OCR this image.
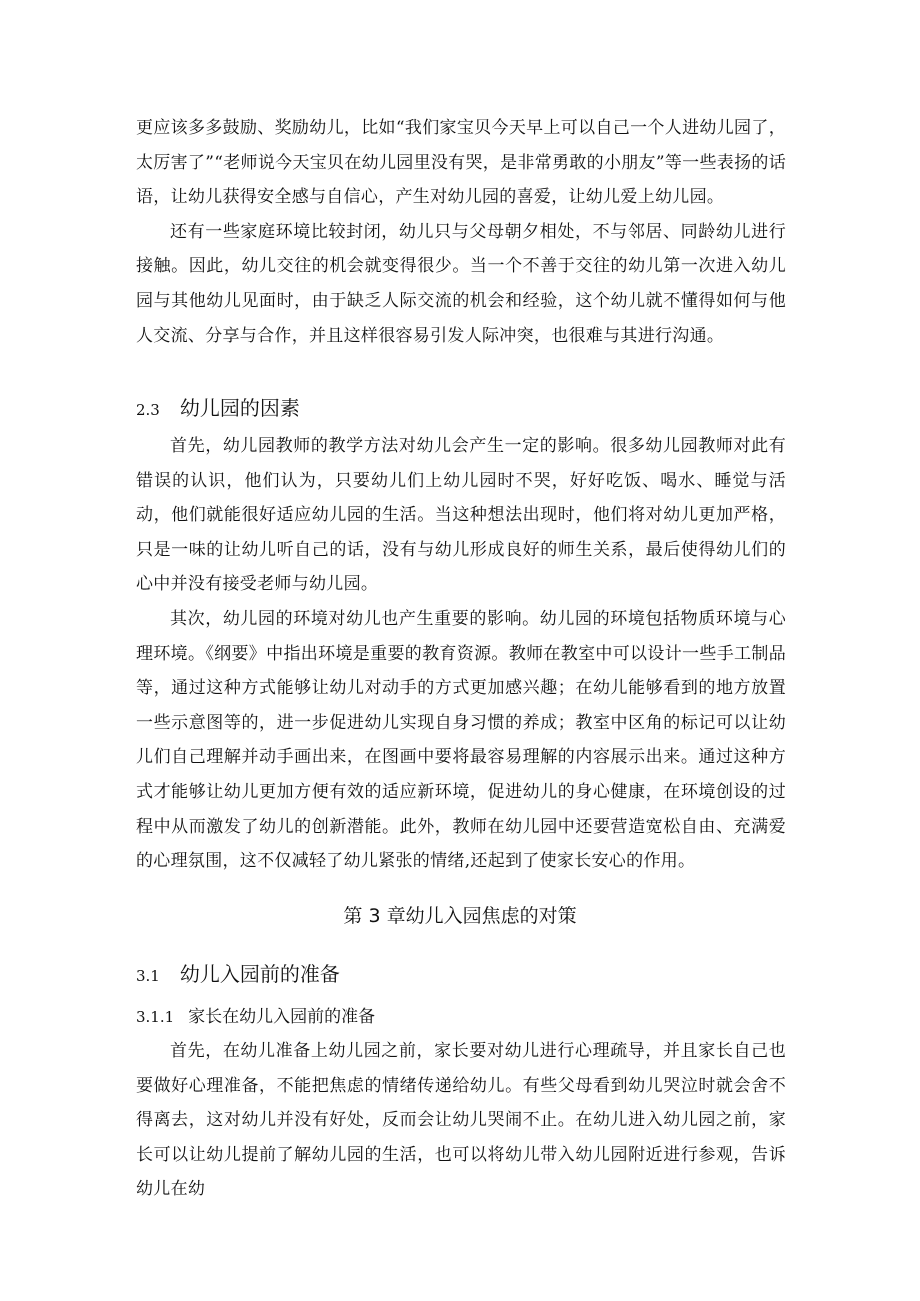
更应该多多鼓励、奖励幼儿，比如“我们家宝贝今天早上可以自己一个人进幼儿园了，太厉害了”“老师说今天宝贝在幼儿园里没有哭，是非常勇敢的小朋友”等一些表扬的话语，让幼儿获得安全感与自信心，产生对幼儿园的喜爱，让幼儿爱上幼儿园。

还有一些家庭环境比较封闭，幼儿只与父母朝夕相处，不与邻居、同龄幼儿进行接触。因此，幼儿交往的机会就变得很少。当一个不善于交往的幼儿第一次进入幼儿园与其他幼儿见面时，由于缺乏人际交流的机会和经验，这个幼儿就不懂得如何与他人交流、分享与合作，并且这样很容易引发人际冲突，也很难与其进行沟通。

2.3 幼儿园的因素

首先，幼儿园教师的教学方法对幼儿会产生一定的影响。很多幼儿园教师对此有错误的认识，他们认为，只要幼儿们上幼儿园时不哭，好好吃饭、喝水、睡觉与活动，他们就能很好适应幼儿园的生活。当这种想法出现时，他们将对幼儿更加严格，只是一味的让幼儿听自己的话，没有与幼儿形成良好的师生关系，最后使得幼儿们的心中并没有接受老师与幼儿园。

其次，幼儿园的环境对幼儿也产生重要的影响。幼儿园的环境包括物质环境与心理环境。《纲要》中指出环境是重要的教育资源。教师在教室中可以设计一些手工制品等，通过这种方式能够让幼儿对动手的方式更加感兴趣；在幼儿能够看到的地方放置一些示意图等的，进一步促进幼儿实现自身习惯的养成；教室中区角的标记可以让幼儿们自己理解并动手画出来，在图画中要将最容易理解的内容展示出来。通过这种方式才能够让幼儿更加方便有效的适应新环境，促进幼儿的身心健康，在环境创设的过程中从而激发了幼儿的创新潜能。此外，教师在幼儿园中还要营造宽松自由、充满爱的心理氛围，这不仅减轻了幼儿紧张的情绪,还起到了使家长安心的作用。

第 3 章幼儿入园焦虑的对策
3.1 幼儿入园前的准备
3.1.1 家长在幼儿入园前的准备

首先，在幼儿准备上幼儿园之前，家长要对幼儿进行心理疏导，并且家长自己也要做好心理准备，不能把焦虑的情绪传递给幼儿。有些父母看到幼儿哭泣时就会舍不得离去，这对幼儿并没有好处，反而会让幼儿哭闹不止。在幼儿进入幼儿园之前，家长可以让幼儿提前了解幼儿园的生活，也可以将幼儿带入幼儿园附近进行参观，告诉幼儿在幼
